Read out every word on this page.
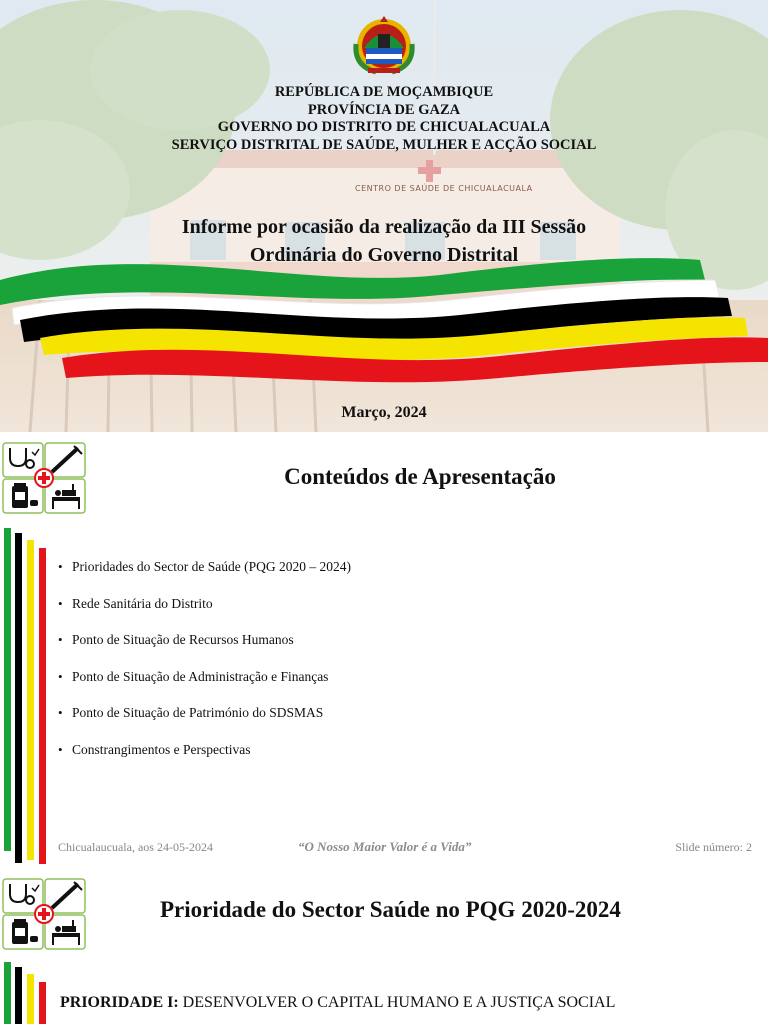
REPÚBLICA DE MOÇAMBIQUE
PROVÍNCIA DE GAZA
GOVERNO DO DISTRITO DE CHICUALACUALA
SERVIÇO DISTRITAL DE SAÚDE, MULHER E ACÇÃO SOCIAL
CENTRO DE SAÚDE DE CHICUALACUALA
Informe por ocasião da realização da III Sessão
Ordinária do Governo Distrital
Março, 2024
Conteúdos de Apresentação
• Prioridades do Sector de Saúde (PQG 2020 – 2024)
• Rede Sanitária do Distrito
• Ponto de Situação de Recursos Humanos
• Ponto de Situação de Administração e Finanças
• Ponto de Situação de Património do SDSMAS
• Constrangimentos e Perspectivas
Chicualaucuala, aos 24-05-2024	“O Nosso Maior Valor é a Vida”	Slide número: 2
Prioridade do Sector Saúde no PQG 2020-2024
PRIORIDADE I: DESENVOLVER O CAPITAL HUMANO E A JUSTIÇA SOCIAL
